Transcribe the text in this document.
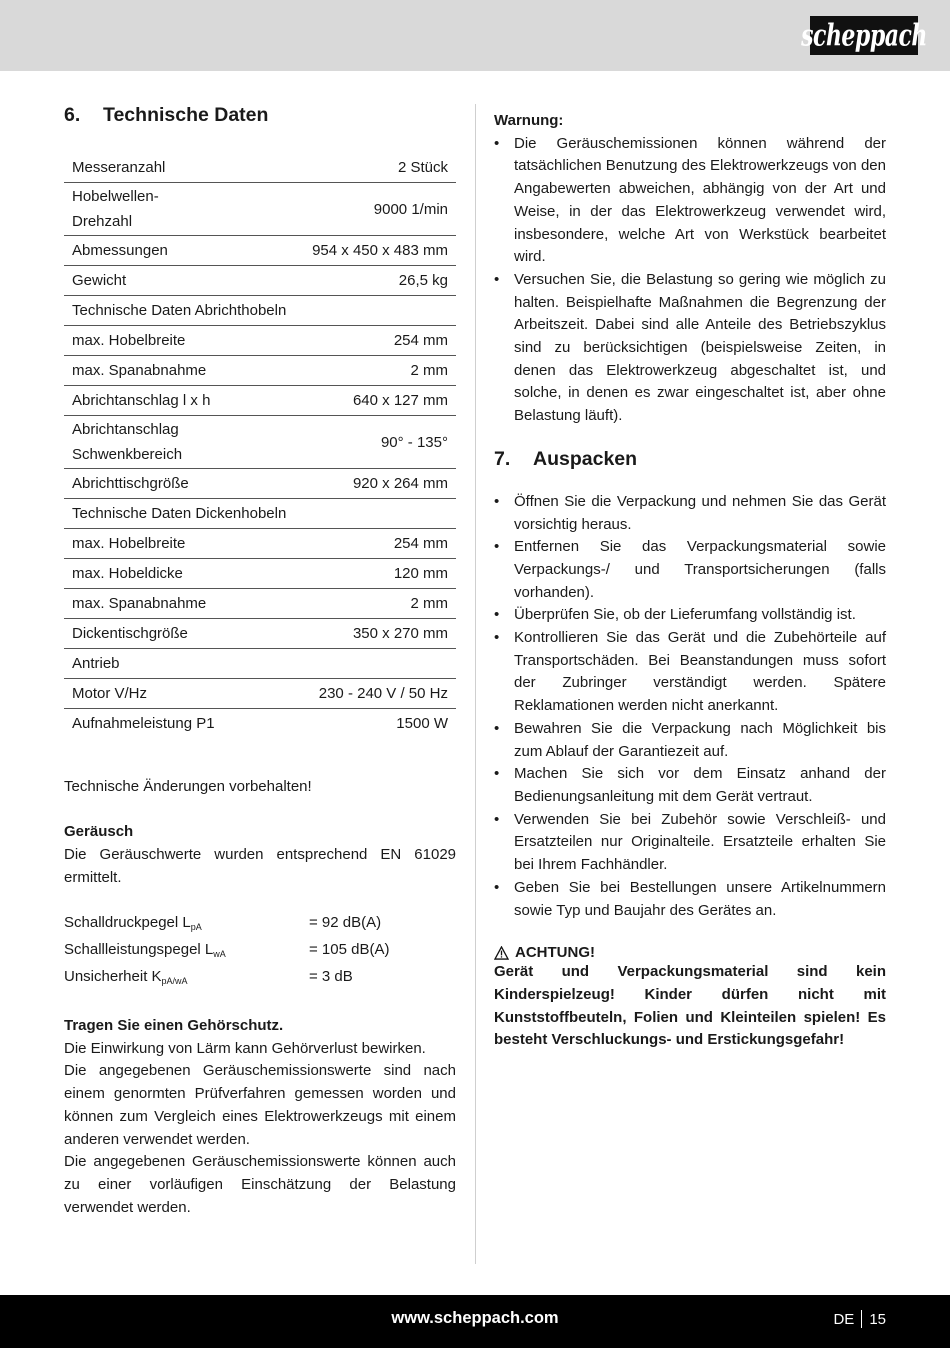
scheppach
6.	Technische Daten
Messeranzahl	2 Stück
Hobelwellen-
Drehzahl	9000 1/min
Abmessungen	954 x 450 x 483 mm
Gewicht	26,5 kg
Technische Daten Abrichthobeln	
max. Hobelbreite	254 mm
max. Spanabnahme	2 mm
Abrichtanschlag l x h	640 x 127 mm
Abrichtanschlag
Schwenkbereich	90° - 135°
Abrichttischgröße	920 x 264 mm
Technische Daten Dickenhobeln	
max. Hobelbreite	254 mm
max. Hobeldicke	120 mm
max. Spanabnahme	2 mm
Dickentischgröße	350 x 270 mm
Antrieb	
Motor V/Hz	230 - 240 V / 50 Hz
Aufnahmeleistung P1	1500 W

Technische Änderungen vorbehalten!

Geräusch

Die Geräuschwerte wurden entsprechend EN 61029 ermittelt.

Schalldruckpegel $L_{pA}$	= 92 dB(A)
Schallleistungspegel $L_{wA}$	= 105 dB(A)
Unsicherheit $K_{pA/wA}$	= 3 dB

Tragen Sie einen Gehörschutz.

Die Einwirkung von Lärm kann Gehörverlust bewirken.

Die angegebenen Geräuschemissionswerte sind nach einem genormten Prüfverfahren gemessen worden und können zum Vergleich eines Elektrowerkzeugs mit einem anderen verwendet werden.

Die angegebenen Geräuschemissionswerte können auch zu einer vorläufigen Einschätzung der Belastung verwendet werden.

Warnung:

• Die Geräuschemissionen können während der tatsächlichen Benutzung des Elektrowerkzeugs von den Angabewerten abweichen, abhängig von der Art und Weise, in der das Elektrowerkzeug verwendet wird, insbesondere, welche Art von Werkstück bearbeitet wird.
• Versuchen Sie, die Belastung so gering wie möglich zu halten. Beispielhafte Maßnahmen die Begrenzung der Arbeitszeit. Dabei sind alle Anteile des Betriebszyklus sind zu berücksichtigen (beispielsweise Zeiten, in denen das Elektrowerkzeug abgeschaltet ist, und solche, in denen es zwar eingeschaltet ist, aber ohne Belastung läuft).
7.	Auspacken
• Öffnen Sie die Verpackung und nehmen Sie das Gerät vorsichtig heraus.
• Entfernen Sie das Verpackungsmaterial sowie Verpackungs-/ und Transportsicherungen (falls vorhanden).
• Überprüfen Sie, ob der Lieferumfang vollständig ist.
• Kontrollieren Sie das Gerät und die Zubehörteile auf Transportschäden. Bei Beanstandungen muss sofort der Zubringer verständigt werden. Spätere Reklamationen werden nicht anerkannt.
• Bewahren Sie die Verpackung nach Möglichkeit bis zum Ablauf der Garantiezeit auf.
• Machen Sie sich vor dem Einsatz anhand der Bedienungsanleitung mit dem Gerät vertraut.
• Verwenden Sie bei Zubehör sowie Verschleiß- und Ersatzteilen nur Originalteile. Ersatzteile erhalten Sie bei Ihrem Fachhändler.
• Geben Sie bei Bestellungen unsere Artikelnummern sowie Typ und Baujahr des Gerätes an.
ACHTUNG!

Gerät und Verpackungsmaterial sind kein Kinderspielzeug! Kinder dürfen nicht mit Kunststoffbeuteln, Folien und Kleinteilen spielen! Es besteht Verschluckungs- und Erstickungsgefahr!

www.scheppach.com	DE 15
